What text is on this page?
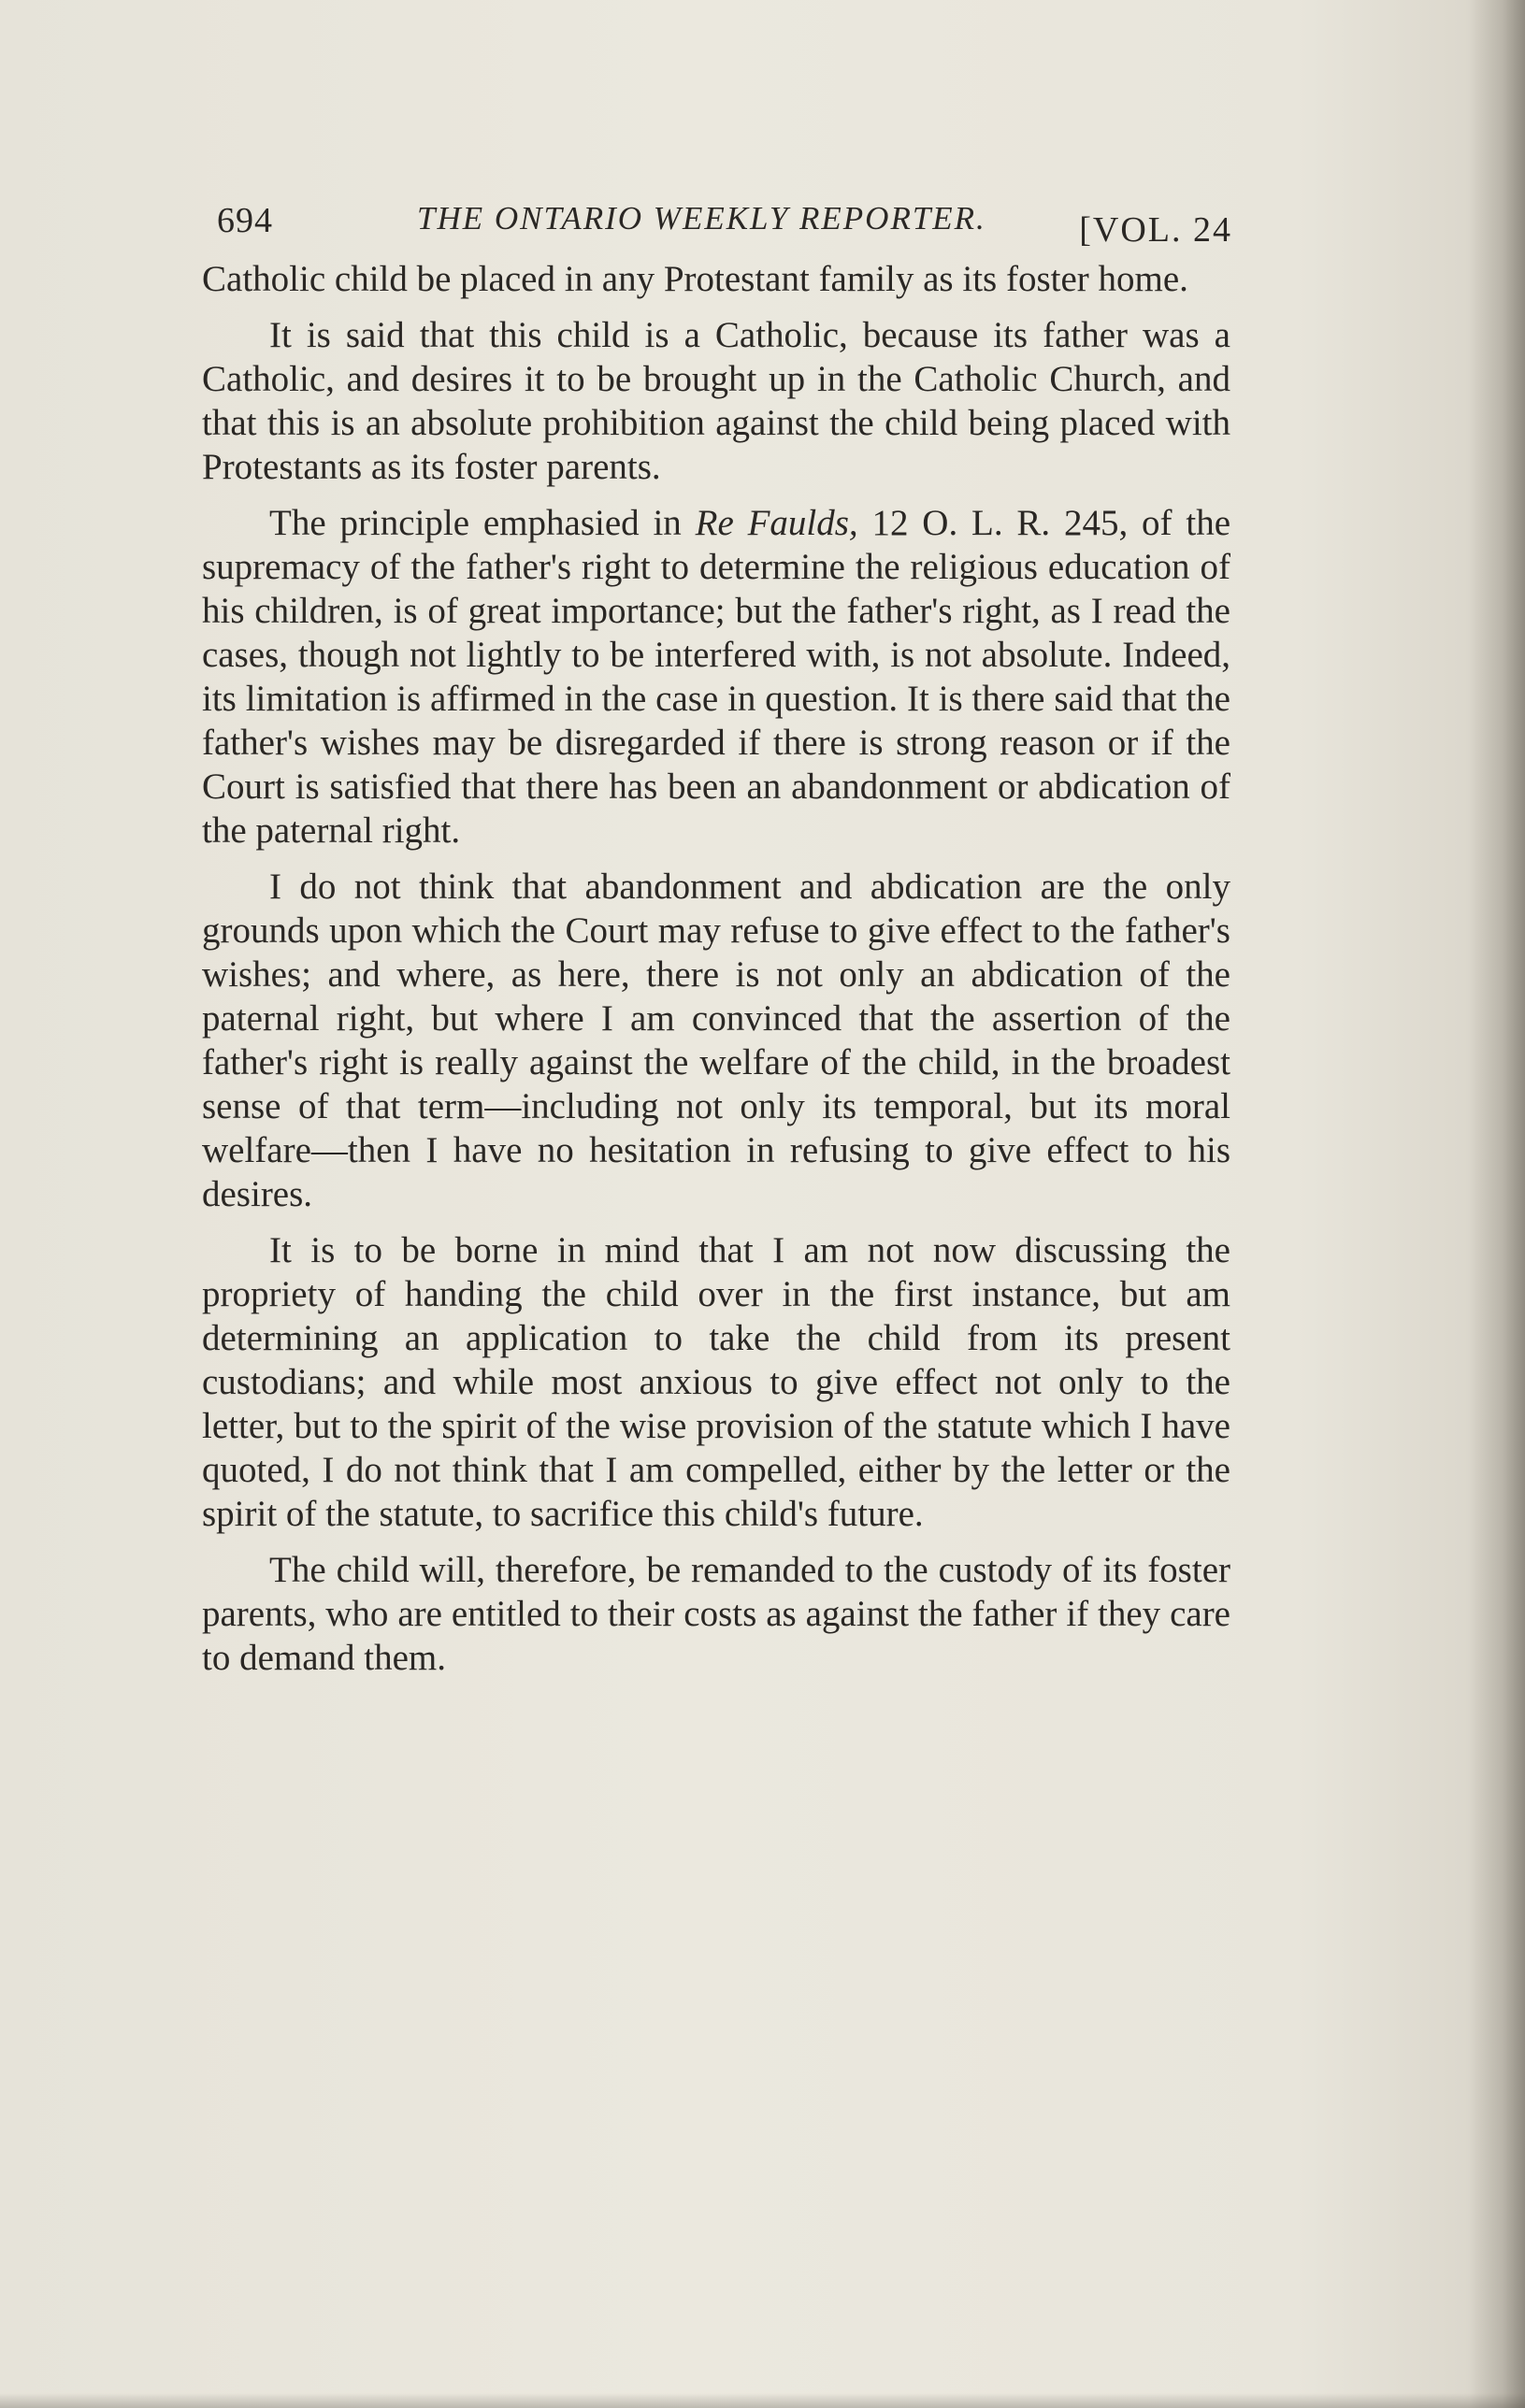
694	THE ONTARIO WEEKLY REPORTER.	[VOL. 24

Catholic child be placed in any Protestant family as its foster home.

It is said that this child is a Catholic, because its father was a Catholic, and desires it to be brought up in the Catholic Church, and that this is an absolute prohibition against the child being placed with Protestants as its foster parents.

The principle emphasied in Re Faulds, 12 O. L. R. 245, of the supremacy of the father's right to determine the religious education of his children, is of great importance; but the father's right, as I read the cases, though not lightly to be interfered with, is not absolute. Indeed, its limitation is affirmed in the case in question. It is there said that the father's wishes may be disregarded if there is strong reason or if the Court is satisfied that there has been an abandonment or abdication of the paternal right.

I do not think that abandonment and abdication are the only grounds upon which the Court may refuse to give effect to the father's wishes; and where, as here, there is not only an abdication of the paternal right, but where I am convinced that the assertion of the father's right is really against the welfare of the child, in the broadest sense of that term—including not only its temporal, but its moral welfare—then I have no hesitation in refusing to give effect to his desires.

It is to be borne in mind that I am not now discussing the propriety of handing the child over in the first instance, but am determining an application to take the child from its present custodians; and while most anxious to give effect not only to the letter, but to the spirit of the wise provision of the statute which I have quoted, I do not think that I am compelled, either by the letter or the spirit of the statute, to sacrifice this child's future.

The child will, therefore, be remanded to the custody of its foster parents, who are entitled to their costs as against the father if they care to demand them.
